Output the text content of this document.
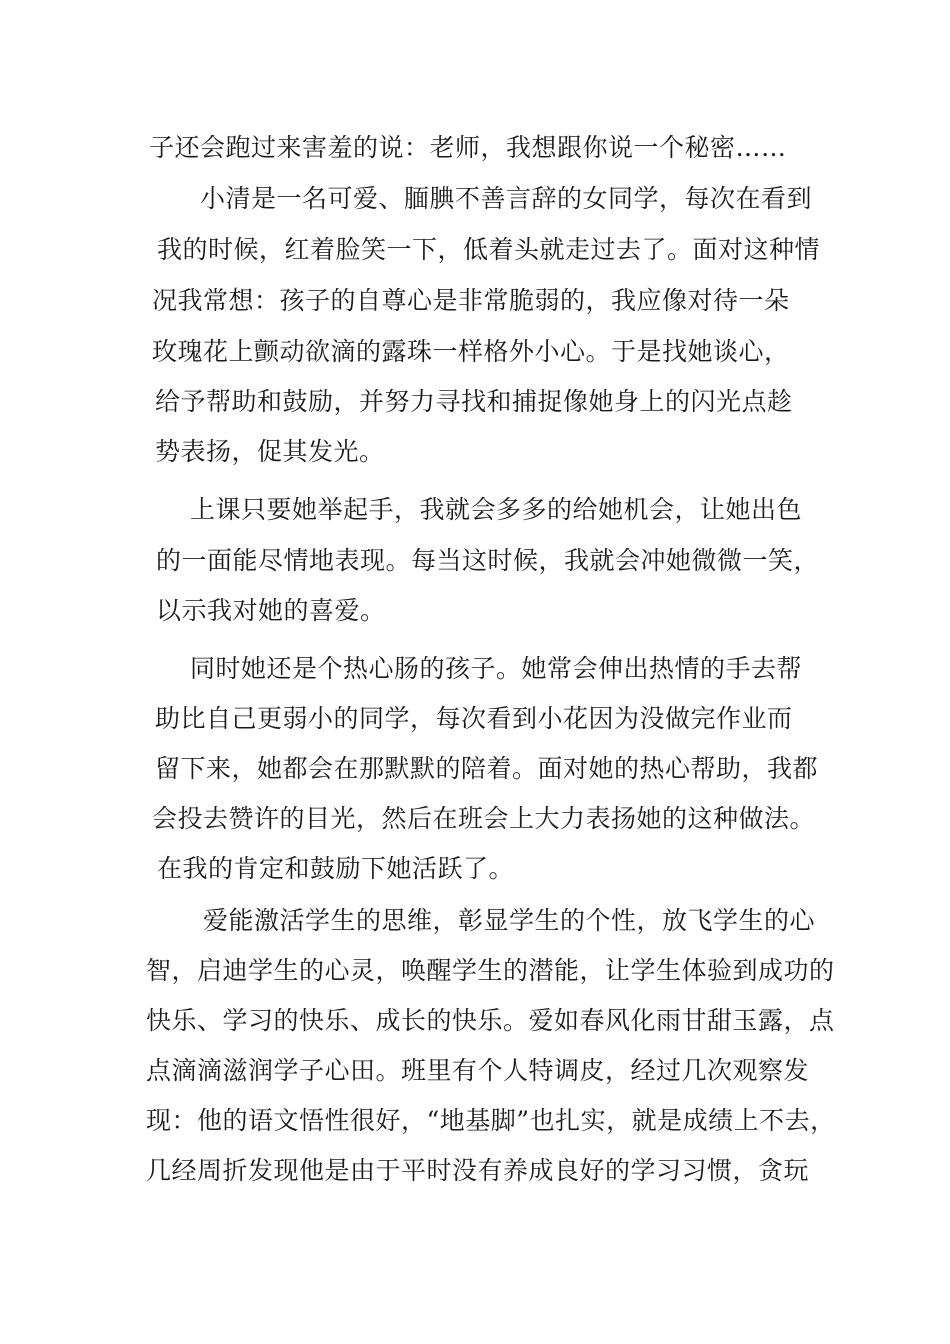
子还会跑过来害羞的说：老师，我想跟你说一个秘密……
小清是一名可爱、腼腆不善言辞的女同学，每次在看到
我的时候，红着脸笑一下，低着头就走过去了。面对这种情
况我常想：孩子的自尊心是非常脆弱的，我应像对待一朵
玫瑰花上颤动欲滴的露珠一样格外小心。于是找她谈心，
给予帮助和鼓励，并努力寻找和捕捉像她身上的闪光点趁
势表扬，促其发光。
上课只要她举起手，我就会多多的给她机会，让她出色
的一面能尽情地表现。每当这时候，我就会冲她微微一笑，
以示我对她的喜爱。
同时她还是个热心肠的孩子。她常会伸出热情的手去帮
助比自己更弱小的同学，每次看到小花因为没做完作业而
留下来，她都会在那默默的陪着。面对她的热心帮助，我都
会投去赞许的目光，然后在班会上大力表扬她的这种做法。
在我的肯定和鼓励下她活跃了。
爱能激活学生的思维，彰显学生的个性，放飞学生的心
智，启迪学生的心灵，唤醒学生的潜能，让学生体验到成功的
快乐、学习的快乐、成长的快乐。爱如春风化雨甘甜玉露，点
点滴滴滋润学子心田。班里有个人特调皮，经过几次观察发
现：他的语文悟性很好，“地基脚”也扎实，就是成绩上不去，
几经周折发现他是由于平时没有养成良好的学习习惯，贪玩
